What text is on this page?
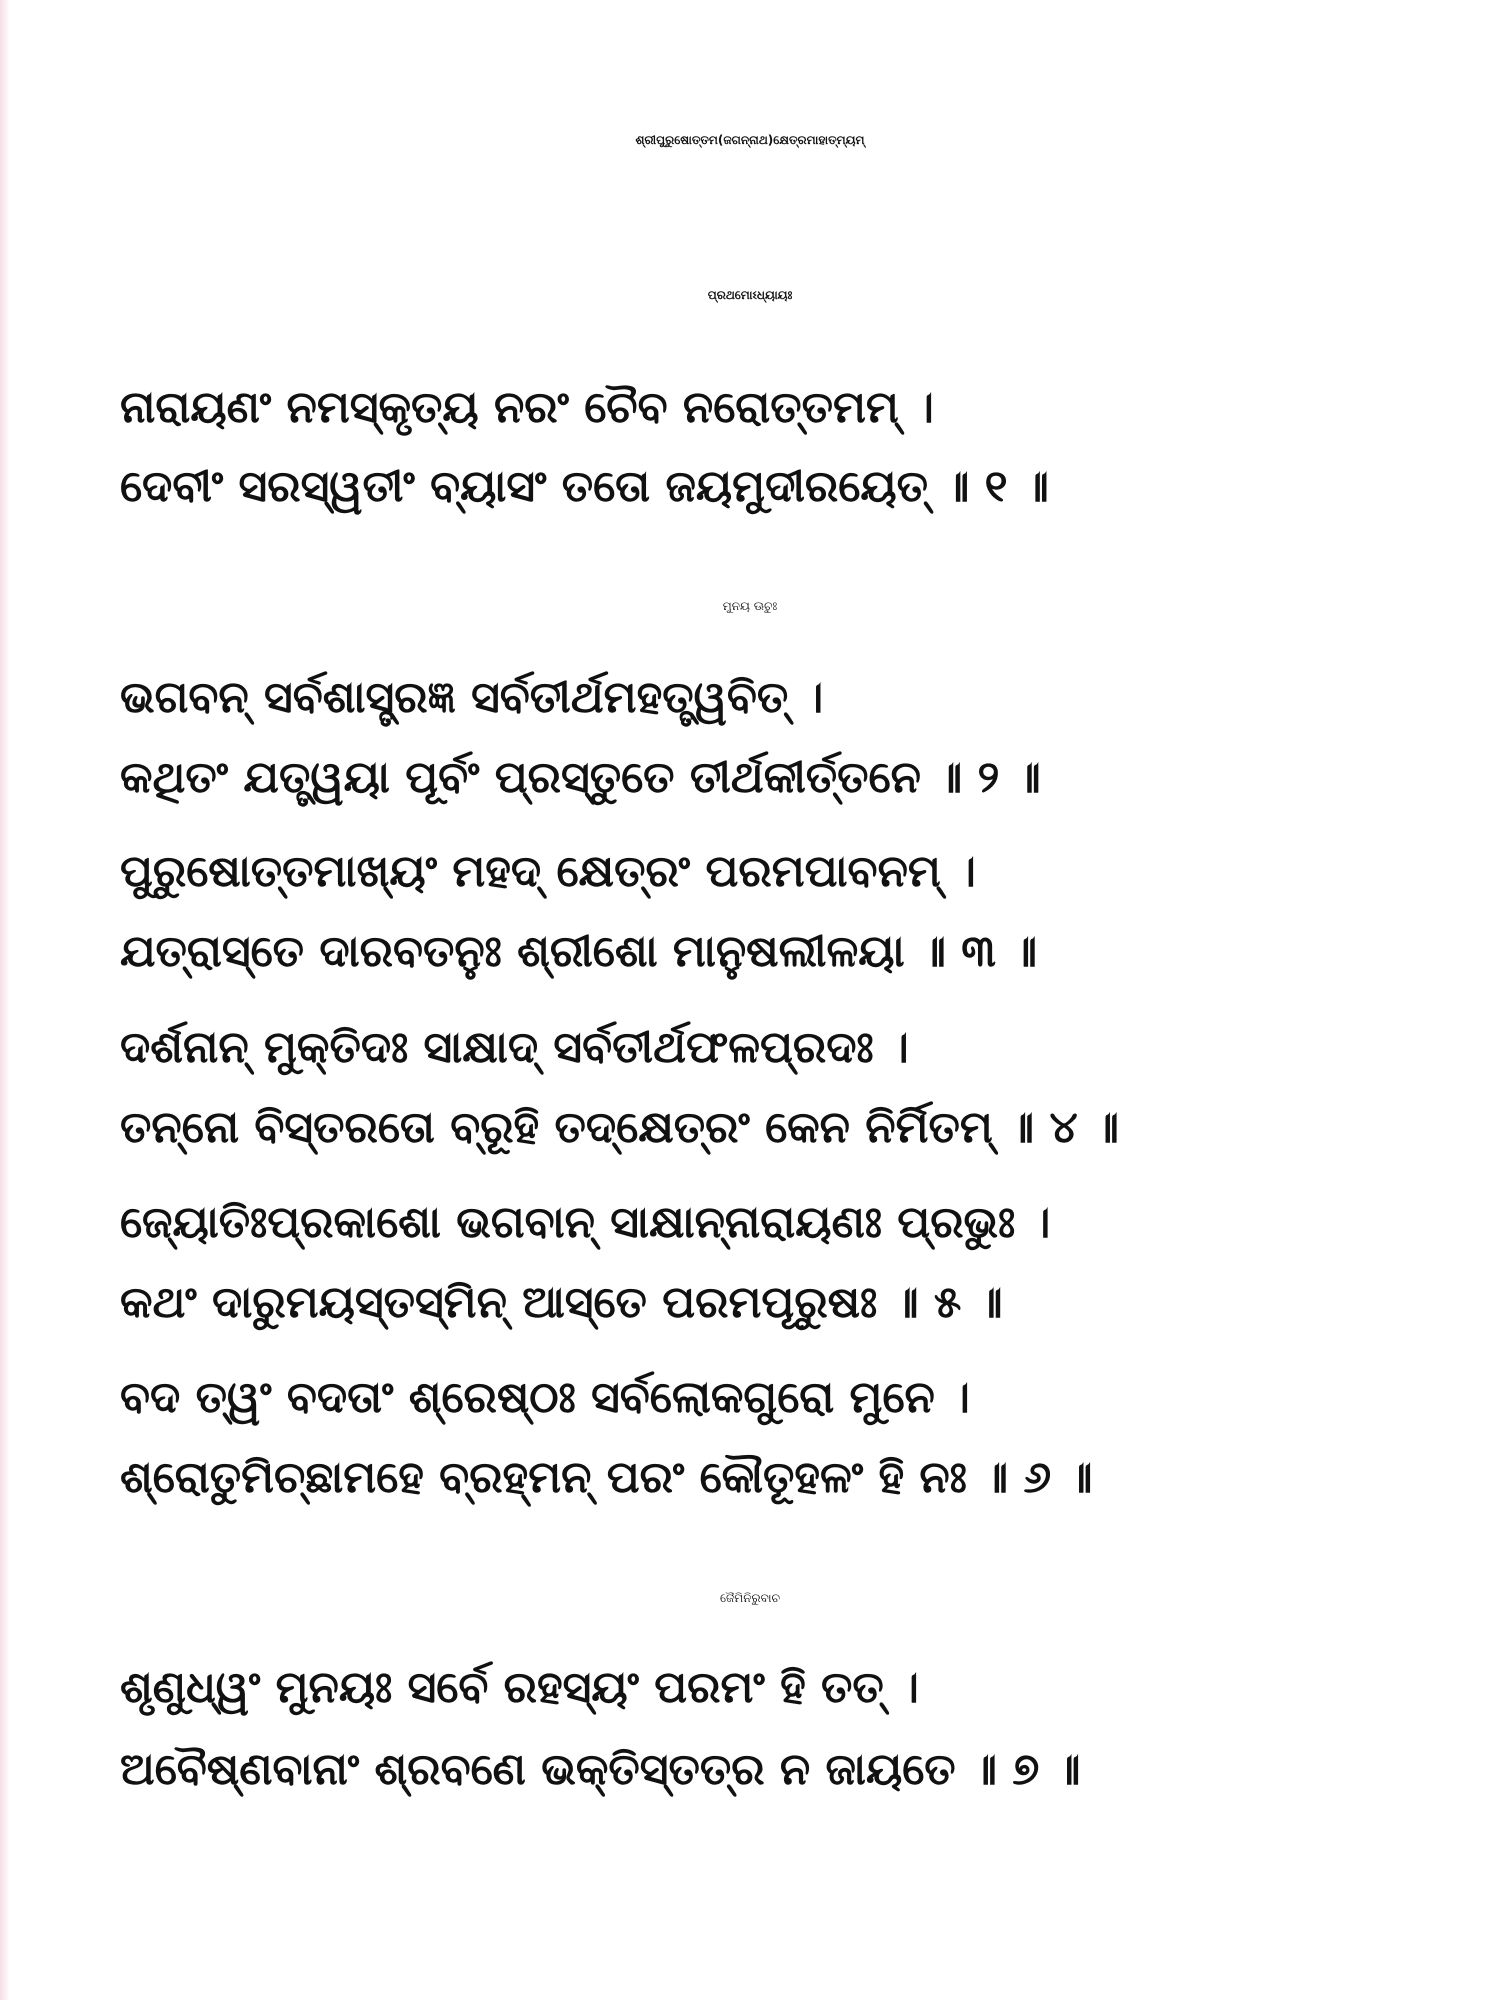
ଶ୍ରୀପୁରୁଷୋତ୍ତମ(ଜଗନ୍ନାଥ)କ୍ଷେତ୍ରମାହାତ୍ମ୍ୟମ୍
ପ୍ରଥମୋଽଧ୍ୟାୟଃ

ନାରାୟଣଂ ନମସ୍କୃତ୍ୟ ନରଂ ଚୈବ ନରୋତ୍ତମମ୍ ।

ଦେବୀଂ ସରସ୍ୱତୀଂ ବ୍ୟାସଂ ତତୋ ଜୟମୁଦୀରୟେତ୍ ॥ ୧ ॥

ମୁନୟ ଊଚୁଃ

ଭଗବନ୍ ସର୍ବଶାସ୍ତ୍ରଜ୍ଞ ସର୍ବତୀର୍ଥମହତ୍ତ୍ୱବିତ୍ ।

କଥିତଂ ଯତ୍ତ୍ୱୟା ପୂର୍ବଂ ପ୍ରସ୍ତୁତେ ତୀର୍ଥକୀର୍ତ୍ତନେ ॥ ୨ ॥

ପୁରୁଷୋତ୍ତମାଖ୍ୟଂ ମହଦ୍ କ୍ଷେତ୍ରଂ ପରମପାବନମ୍ ।

ଯତ୍ରାସ୍ତେ ଦାରବତନୁଃ ଶ୍ରୀଶୋ ମାନୁଷଲୀଳୟା ॥ ୩ ॥

ଦର୍ଶନାନ୍ ମୁକ୍ତିଦଃ ସାକ୍ଷାଦ୍ ସର୍ବତୀର୍ଥଫଳପ୍ରଦଃ ।

ତନ୍ନୋ ବିସ୍ତରତୋ ବ୍ରୂହି ତଦ୍‌କ୍ଷେତ୍ରଂ କେନ ନିର୍ମିତମ୍ ॥ ୪ ॥

ଜ୍ୟୋତିଃପ୍ରକାଶୋ ଭଗବାନ୍ ସାକ୍ଷାନ୍ନାରାୟଣଃ ପ୍ରଭୁଃ ।

କଥଂ ଦାରୁମୟସ୍ତସ୍ମିନ୍ ଆସ୍ତେ ପରମପୂରୁଷଃ ॥ ୫ ॥

ବଦ ତ୍ୱଂ ବଦତାଂ ଶ୍ରେଷ୍ଠଃ ସର୍ବଲୋକଗୁରୋ ମୁନେ ।

ଶ୍ରୋତୁମିଚ୍ଛାମହେ ବ୍ରହ୍ମନ୍ ପରଂ କୌତୂହଳଂ ହି ନଃ ॥ ୬ ॥

ଜୈମିନିରୁବାଚ

ଶୃଣୁଧ୍ୱଂ ମୁନୟଃ ସର୍ବେ ରହସ୍ୟଂ ପରମଂ ହି ତତ୍ ।

ଅବୈଷ୍ଣବାନାଂ ଶ୍ରବଣେ ଭକ୍ତିସ୍ତତ୍ର ନ ଜାୟତେ ॥ ୭ ॥
